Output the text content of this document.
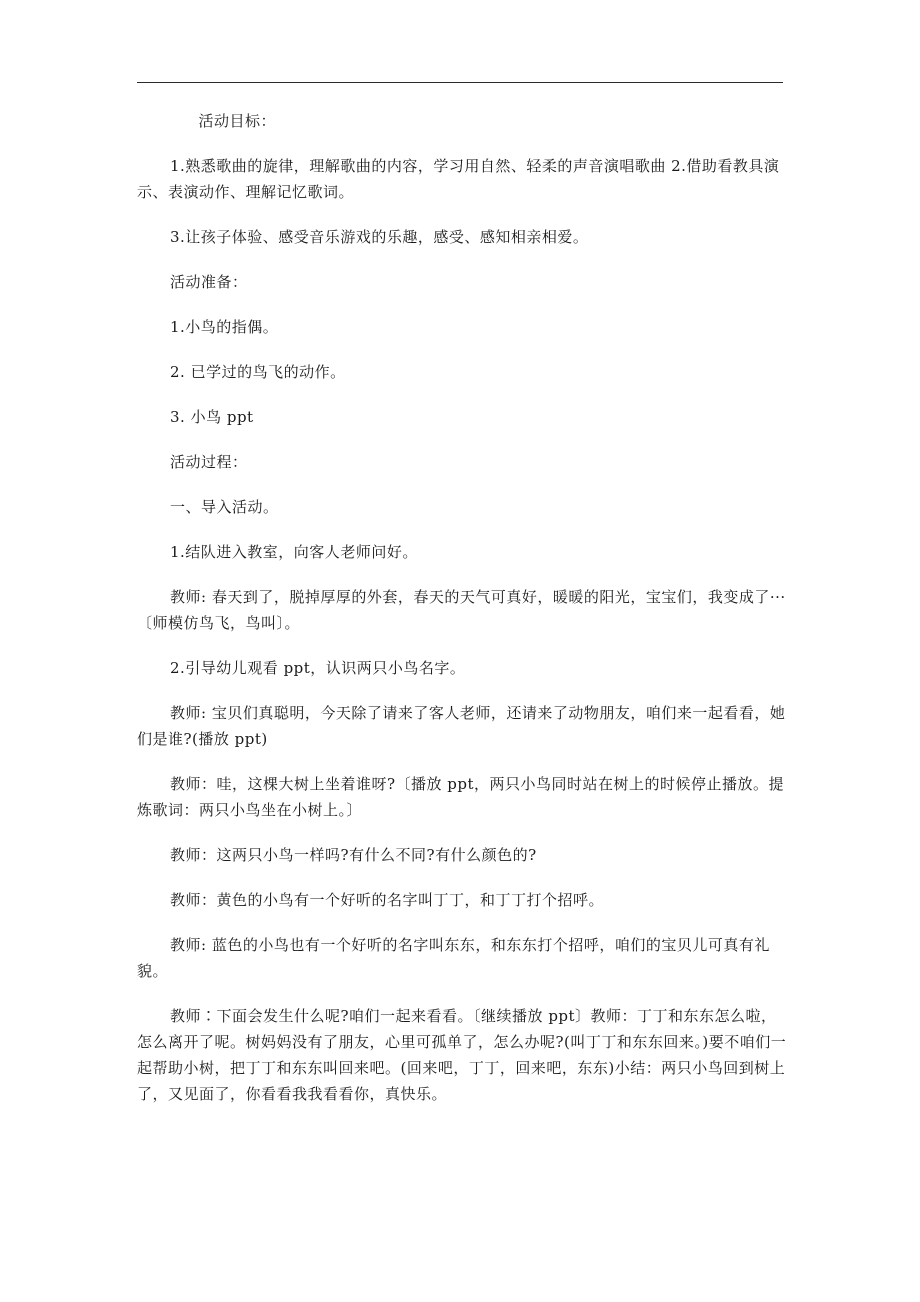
活动目标：

1.熟悉歌曲的旋律，理解歌曲的内容，学习用自然、轻柔的声音演唱歌曲 2.借助看教具演示、表演动作、理解记忆歌词。

3.让孩子体验、感受音乐游戏的乐趣，感受、感知相亲相爱。

活动准备：

1.小鸟的指偶。

2. 已学过的鸟飞的动作。

3. 小鸟 ppt

活动过程：

一、导入活动。

1.结队进入教室，向客人老师问好。

教师: 春天到了，脱掉厚厚的外套，春天的天气可真好，暖暖的阳光，宝宝们，我变成了···〔师模仿鸟飞，鸟叫〕。

2.引导幼儿观看 ppt，认识两只小鸟名字。

教师: 宝贝们真聪明，今天除了请来了客人老师，还请来了动物朋友，咱们来一起看看，她们是谁?(播放 ppt)

教师：哇，这棵大树上坐着谁呀?〔播放 ppt，两只小鸟同时站在树上的时候停止播放。提炼歌词：两只小鸟坐在小树上。〕

教师：这两只小鸟一样吗?有什么不同?有什么颜色的?

教师：黄色的小鸟有一个好听的名字叫丁丁，和丁丁打个招呼。

教师: 蓝色的小鸟也有一个好听的名字叫东东，和东东打个招呼，咱们的宝贝儿可真有礼貌。

教师∶下面会发生什么呢?咱们一起来看看。〔继续播放 ppt〕教师：丁丁和东东怎么啦，怎么离开了呢。树妈妈没有了朋友，心里可孤单了，怎么办呢?(叫丁丁和东东回来。)要不咱们一起帮助小树，把丁丁和东东叫回来吧。(回来吧，丁丁，回来吧，东东)小结：两只小鸟回到树上了，又见面了，你看看我我看看你，真快乐。
